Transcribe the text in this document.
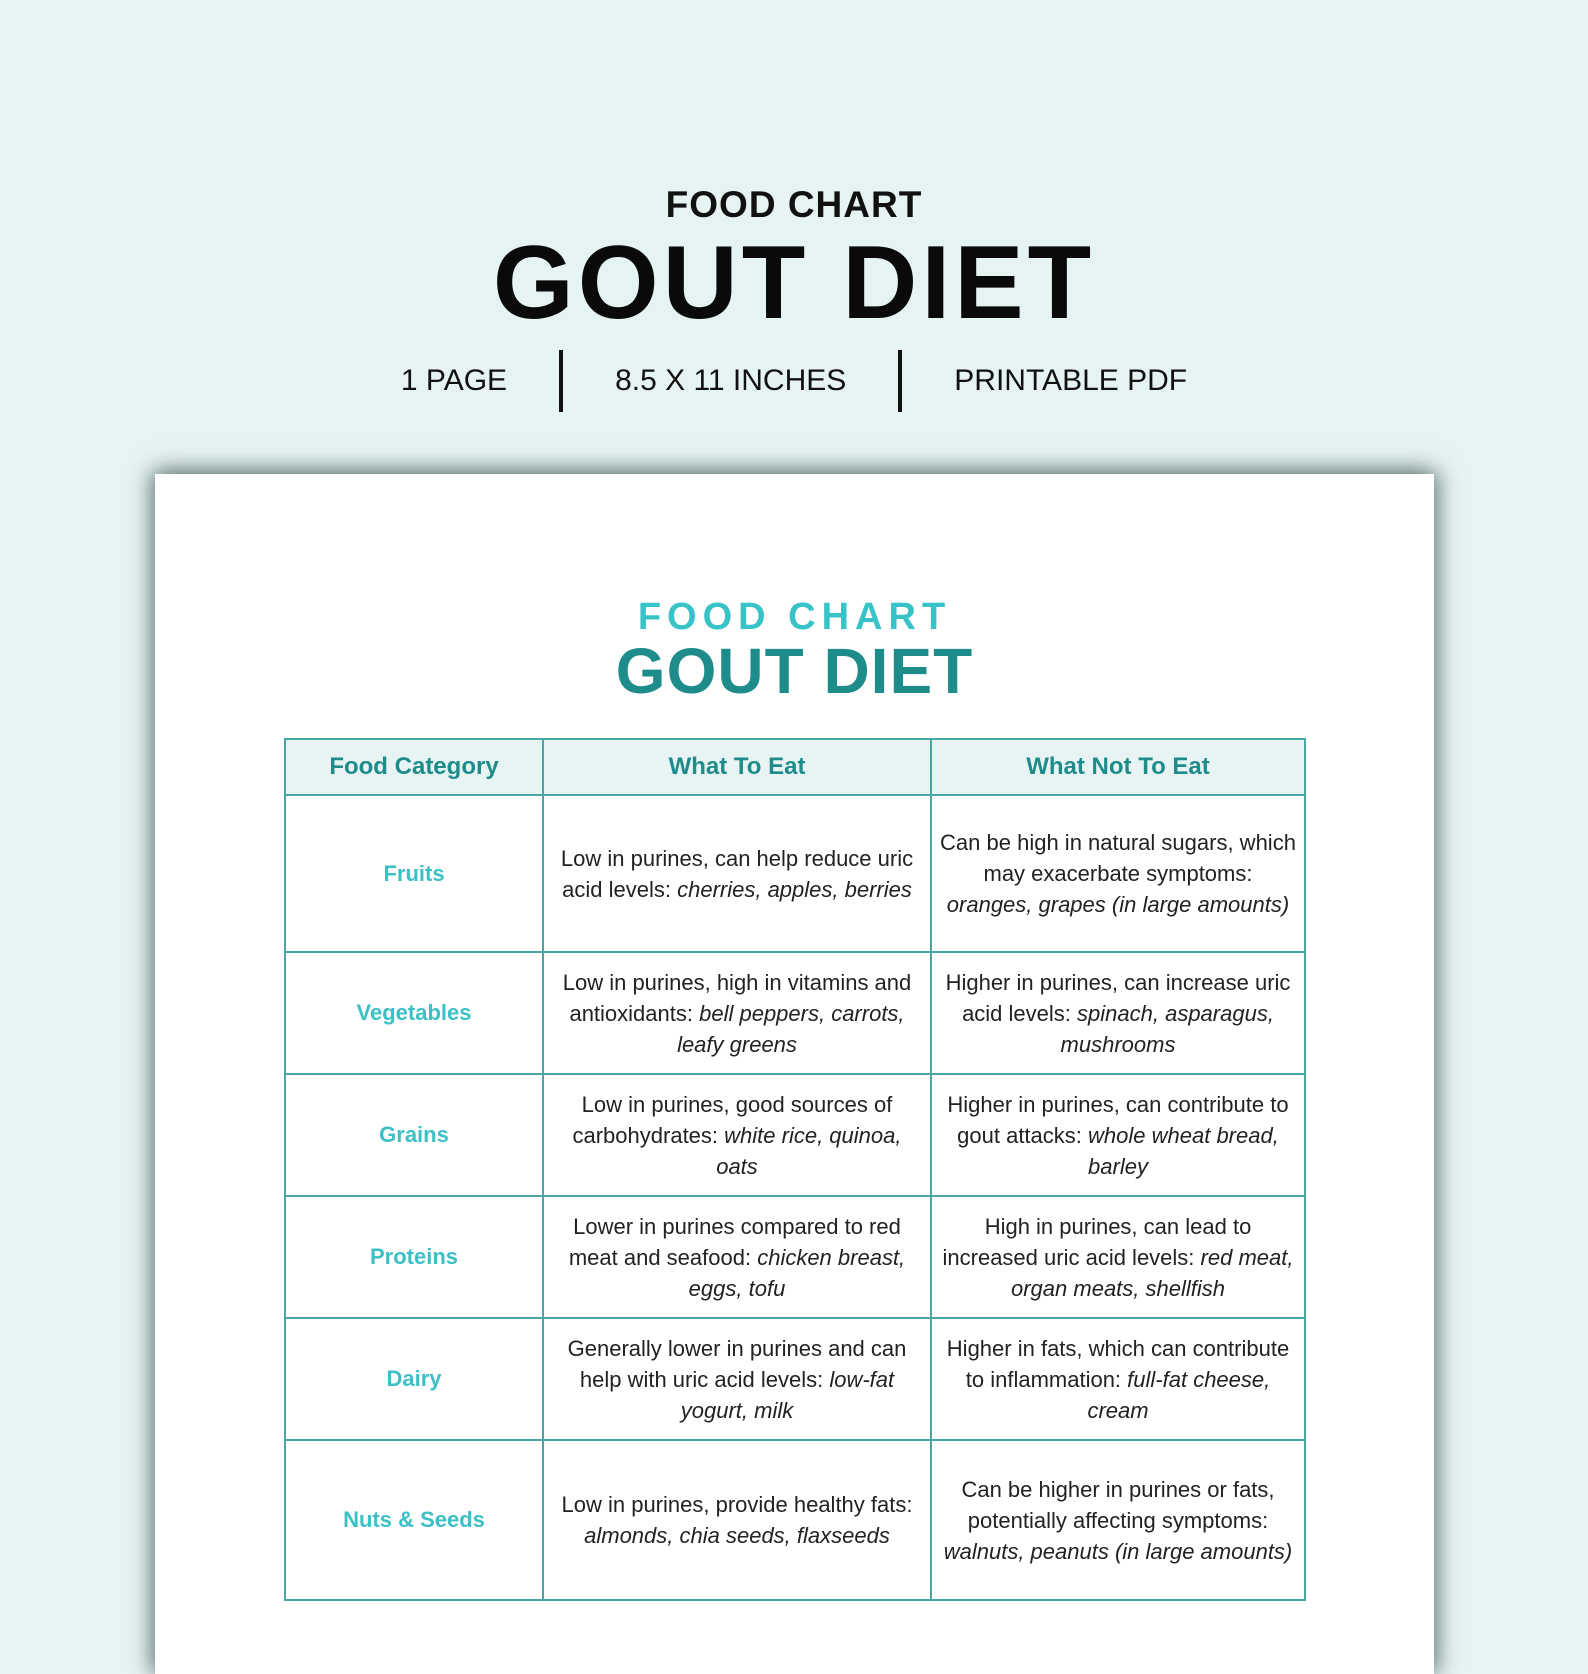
FOOD CHART
GOUT DIET
1 PAGE	8.5 X 11 INCHES	PRINTABLE PDF
FOOD CHART
GOUT DIET
Food Category	What To Eat	What Not To Eat
Fruits	Low in purines, can help reduce uric acid levels: cherries, apples, berries	Can be high in natural sugars, which may exacerbate symptoms: oranges, grapes (in large amounts)
Vegetables	Low in purines, high in vitamins and antioxidants: bell peppers, carrots, leafy greens	Higher in purines, can increase uric acid levels: spinach, asparagus, mushrooms
Grains	Low in purines, good sources of carbohydrates: white rice, quinoa, oats	Higher in purines, can contribute to gout attacks: whole wheat bread, barley
Proteins	Lower in purines compared to red meat and seafood: chicken breast, eggs, tofu	High in purines, can lead to increased uric acid levels: red meat, organ meats, shellfish
Dairy	Generally lower in purines and can help with uric acid levels: low-fat yogurt, milk	Higher in fats, which can contribute to inflammation: full-fat cheese, cream
Nuts & Seeds	Low in purines, provide healthy fats: almonds, chia seeds, flaxseeds	Can be higher in purines or fats, potentially affecting symptoms: walnuts, peanuts (in large amounts)
